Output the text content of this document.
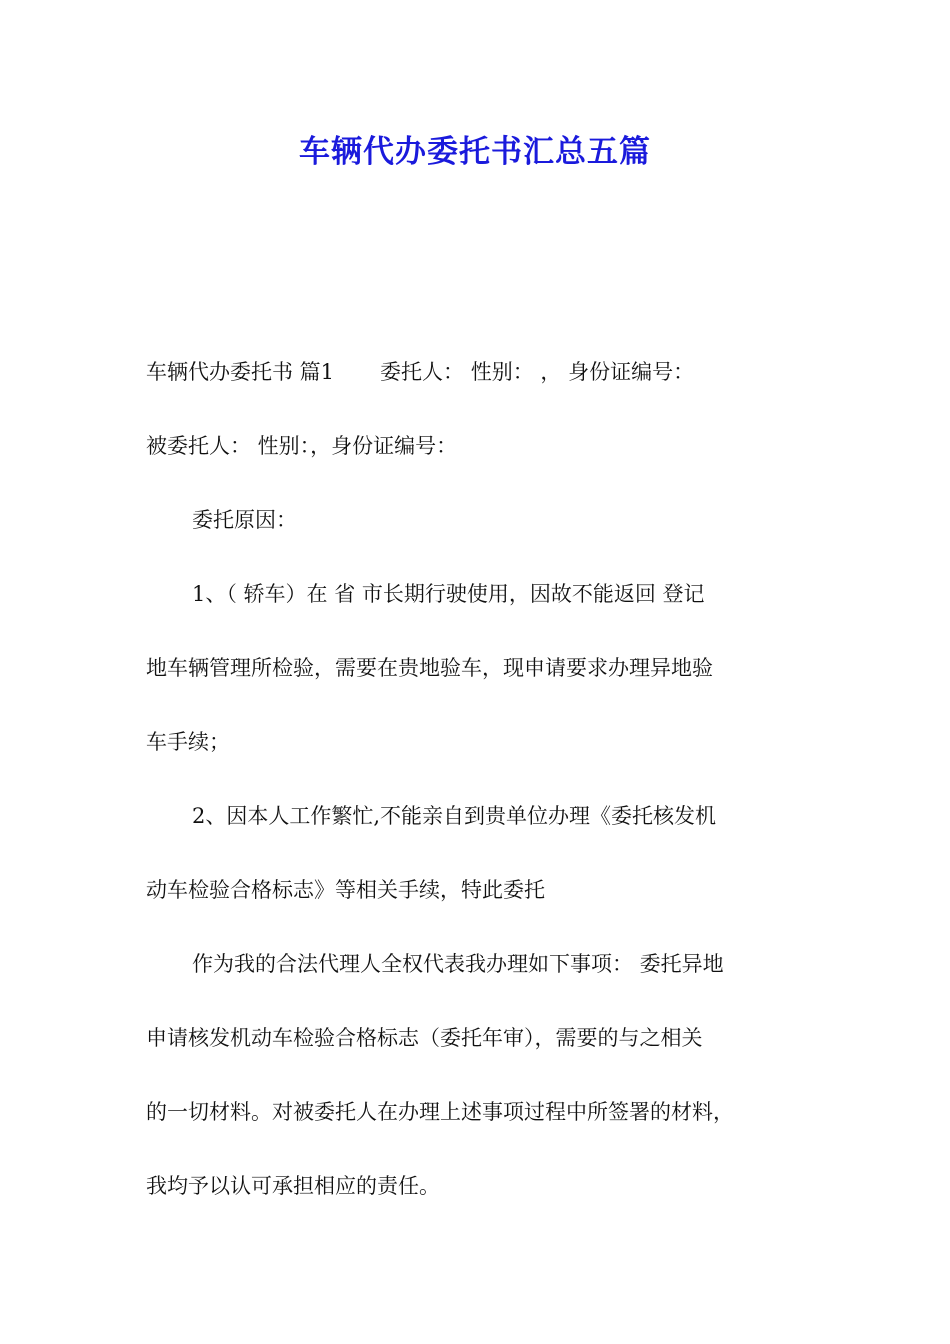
车辆代办委托书汇总五篇
车辆代办委托书 篇1 委托人： 性别： ， 身份证编号：
被委托人： 性别：，身份证编号：
委托原因：
1、（ 轿车）在 省 市长期行驶使用，因故不能返回 登记
地车辆管理所检验，需要在贵地验车，现申请要求办理异地验
车手续；
2、因本人工作繁忙,不能亲自到贵单位办理《委托核发机
动车检验合格标志》等相关手续，特此委托
作为我的合法代理人全权代表我办理如下事项： 委托异地
申请核发机动车检验合格标志（委托年审），需要的与之相关
的一切材料。对被委托人在办理上述事项过程中所签署的材料，
我均予以认可承担相应的责任。
